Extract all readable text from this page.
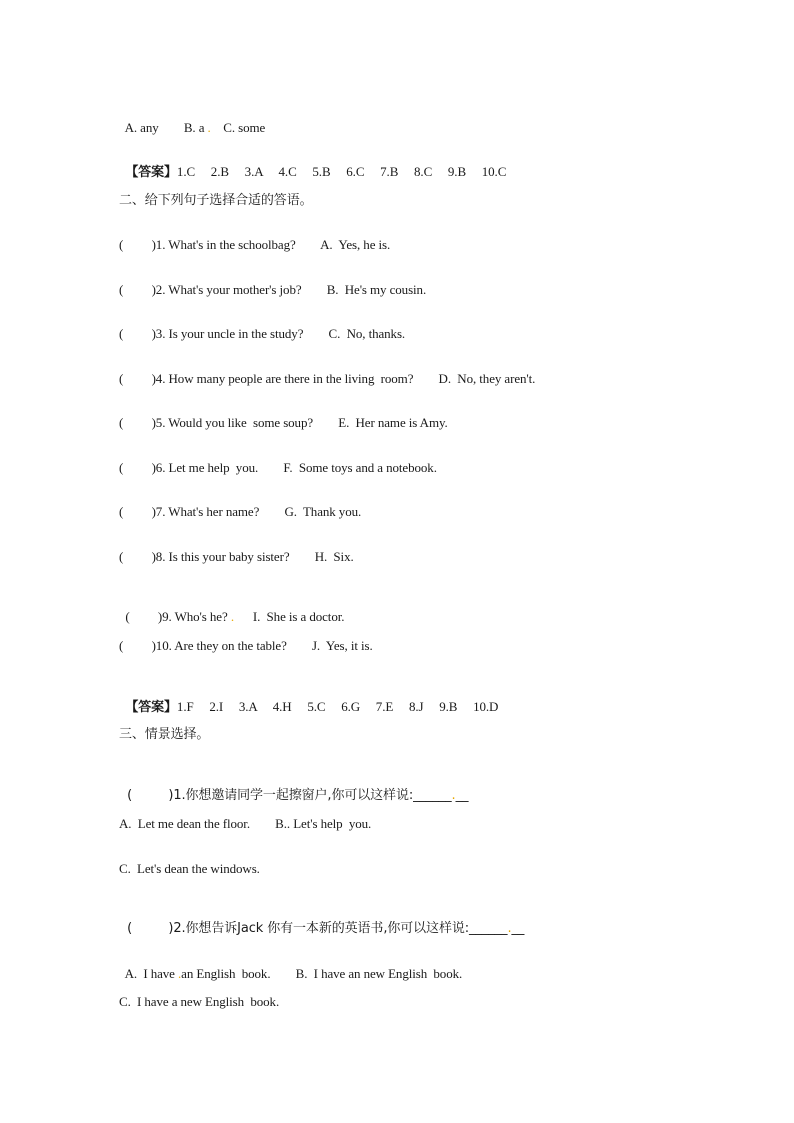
A. any        B. a .    C. some

【答案】1.C     2.B     3.A     4.C     5.B     6.C     7.B     8.C     9.B     10.C

二、给下列句子选择合适的答语。
(         )1. What's in the schoolbag?        A.  Yes, he is.
(         )2. What's your mother's job?        B.  He's my cousin.
(         )3. Is your uncle in the study?        C.  No, thanks.
(         )4. How many people are there in the living  room?        D.  No, they aren't.
(         )5. Would you like  some soup?        E.  Her name is Amy.
(         )6. Let me help  you.        F.  Some toys and a notebook.
(         )7. What's her name?        G.  Thank you.
(         )8. Is this your baby sister?        H.  Six.

(         )9. Who's he? .      I.  She is a doctor.

(         )10. Are they on the table?        J.  Yes, it is.

【答案】1.F     2.I     3.A     4.H     5.C     6.G     7.E     8.J     9.B     10.D

三、情景选择。

(         )1.你想邀请同学一起擦窗户,你可以这样说:______.__

A.  Let me dean the floor.        B.. Let's help  you.
C.  Let's dean the windows.

(         )2.你想告诉Jack 你有一本新的英语书,你可以这样说:______.__

A.  I have .an English  book.        B.  I have an new English  book.

C.  I have a new English  book.
